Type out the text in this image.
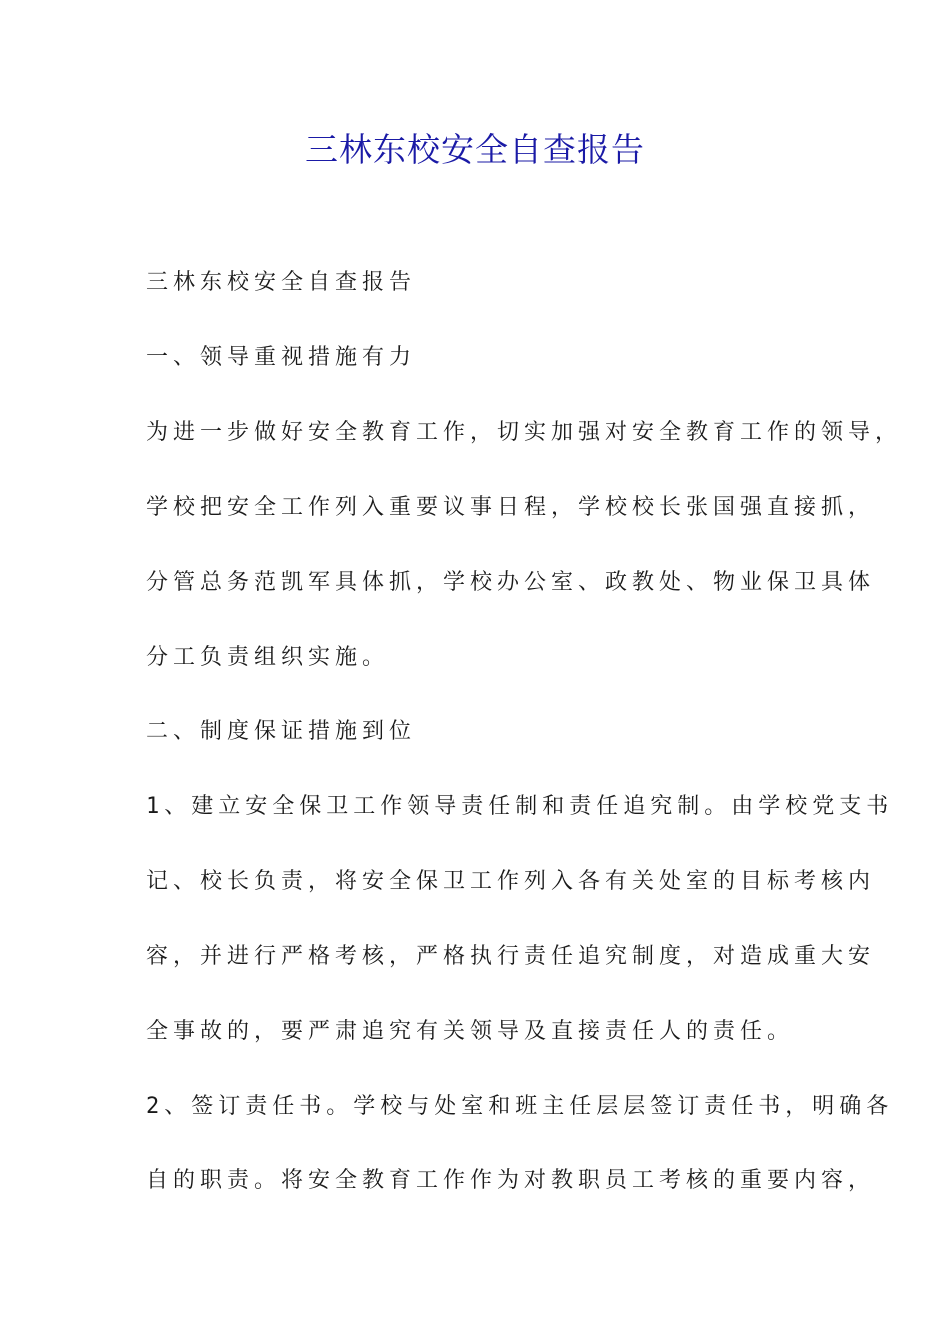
三林东校安全自查报告
三林东校安全自查报告
一、领导重视措施有力
为进一步做好安全教育工作，切实加强对安全教育工作的领导，
学校把安全工作列入重要议事日程，学校校长张国强直接抓，
分管总务范凯军具体抓，学校办公室、政教处、物业保卫具体
分工负责组织实施。
二、制度保证措施到位
1、建立安全保卫工作领导责任制和责任追究制。由学校党支书
记、校长负责，将安全保卫工作列入各有关处室的目标考核内
容，并进行严格考核，严格执行责任追究制度，对造成重大安
全事故的，要严肃追究有关领导及直接责任人的责任。
2、签订责任书。学校与处室和班主任层层签订责任书，明确各
自的职责。将安全教育工作作为对教职员工考核的重要内容，
